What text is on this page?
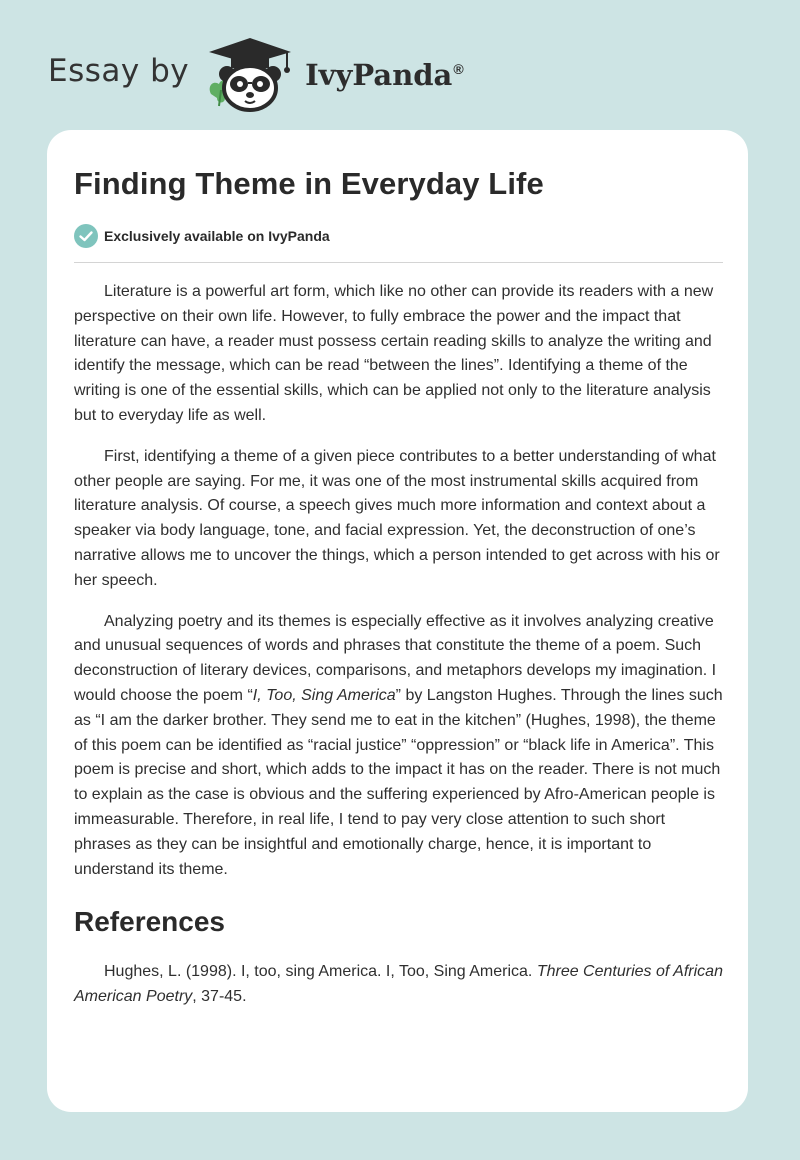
Essay by	IvyPanda®
Finding Theme in Everyday Life
Exclusively available on IvyPanda

Literature is a powerful art form, which like no other can provide its readers with a new perspective on their own life. However, to fully embrace the power and the impact that literature can have, a reader must possess certain reading skills to analyze the writing and identify the message, which can be read “between the lines”. Identifying a theme of the writing is one of the essential skills, which can be applied not only to the literature analysis but to everyday life as well.

First, identifying a theme of a given piece contributes to a better understanding of what other people are saying. For me, it was one of the most instrumental skills acquired from literature analysis. Of course, a speech gives much more information and context about a speaker via body language, tone, and facial expression. Yet, the deconstruction of one’s narrative allows me to uncover the things, which a person intended to get across with his or her speech.

Analyzing poetry and its themes is especially effective as it involves analyzing creative and unusual sequences of words and phrases that constitute the theme of a poem. Such deconstruction of literary devices, comparisons, and metaphors develops my imagination. I would choose the poem “I, Too, Sing America” by Langston Hughes. Through the lines such as “I am the darker brother. They send me to eat in the kitchen” (Hughes, 1998), the theme of this poem can be identified as “racial justice” “oppression” or “black life in America”. This poem is precise and short, which adds to the impact it has on the reader. There is not much to explain as the case is obvious and the suffering experienced by Afro-American people is immeasurable. Therefore, in real life, I tend to pay very close attention to such short phrases as they can be insightful and emotionally charge, hence, it is important to understand its theme.

References

Hughes, L. (1998). I, too, sing America. I, Too, Sing America. Three Centuries of African American Poetry, 37-45.
